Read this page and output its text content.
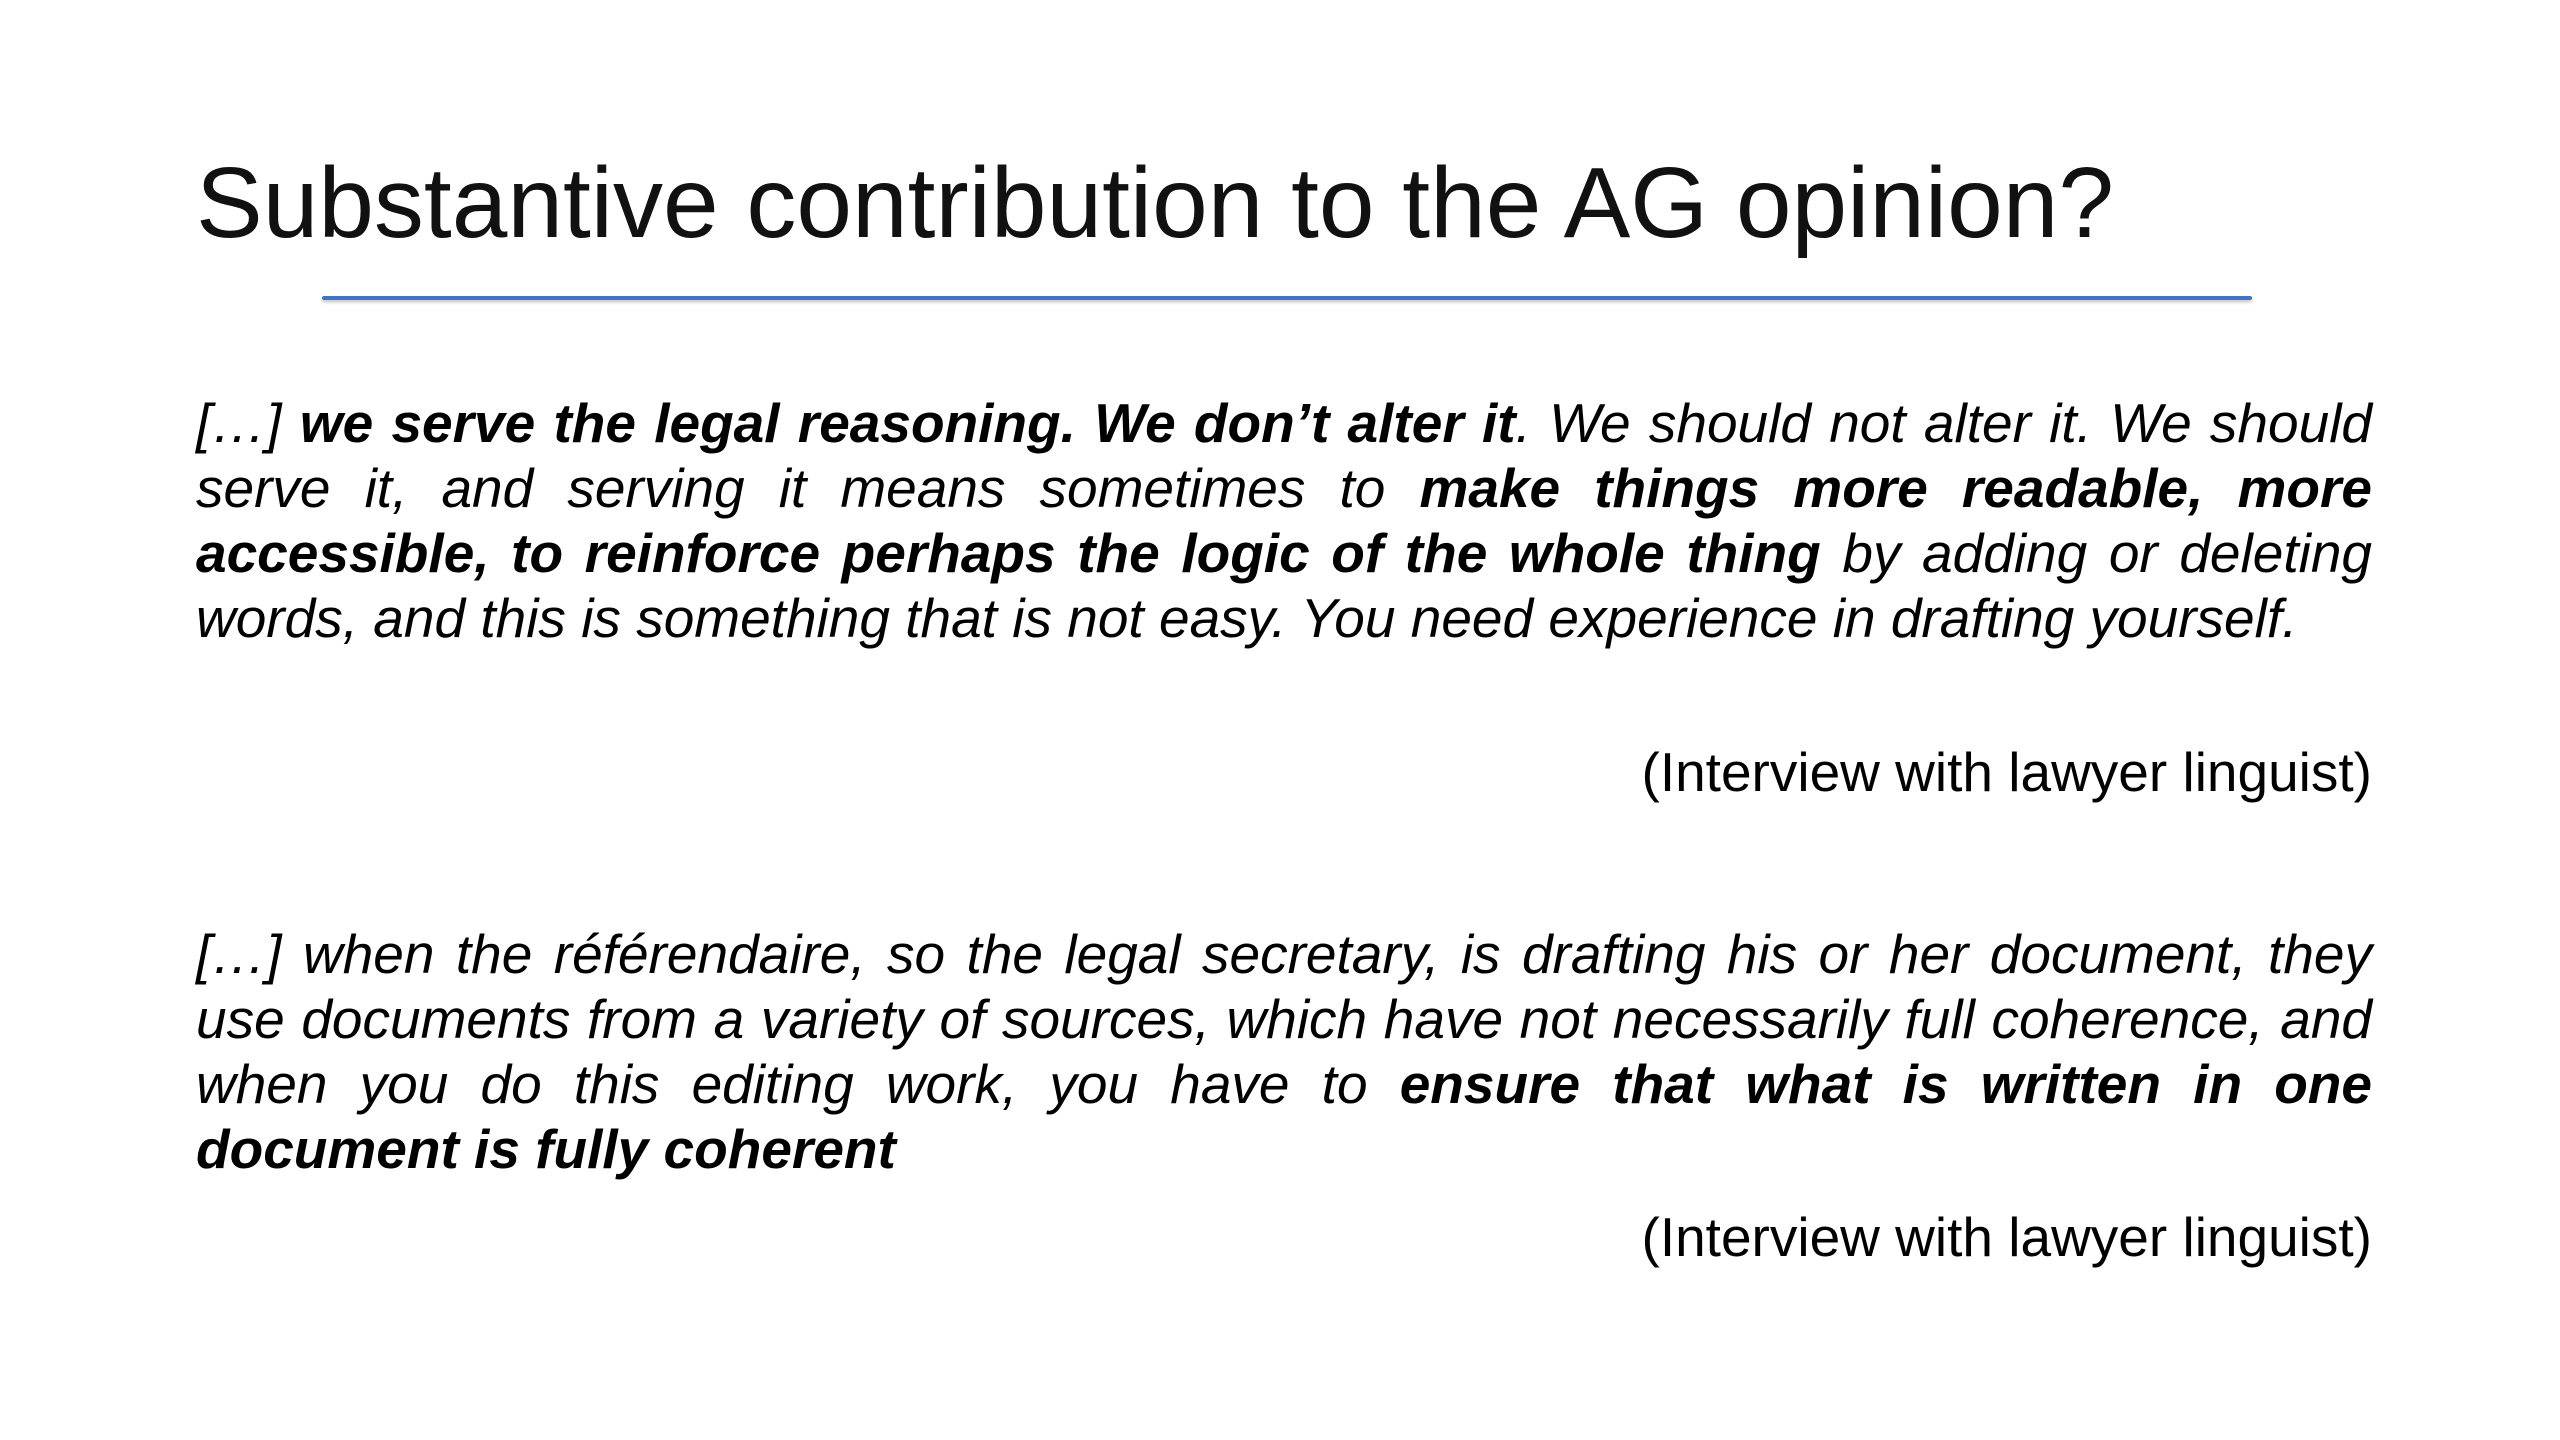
Substantive contribution to the AG opinion?

[…] we serve the legal reasoning. We don’t alter it. We should not alter it. We should serve it, and serving it means sometimes to make things more readable, more accessible, to reinforce perhaps the logic of the whole thing by adding or deleting words, and this is something that is not easy. You need experience in drafting yourself.

(Interview with lawyer linguist)

[…] when the référendaire, so the legal secretary, is drafting his or her document, they use documents from a variety of sources, which have not necessarily full coherence, and when you do this editing work, you have to ensure that what is written in one document is fully coherent

(Interview with lawyer linguist)
